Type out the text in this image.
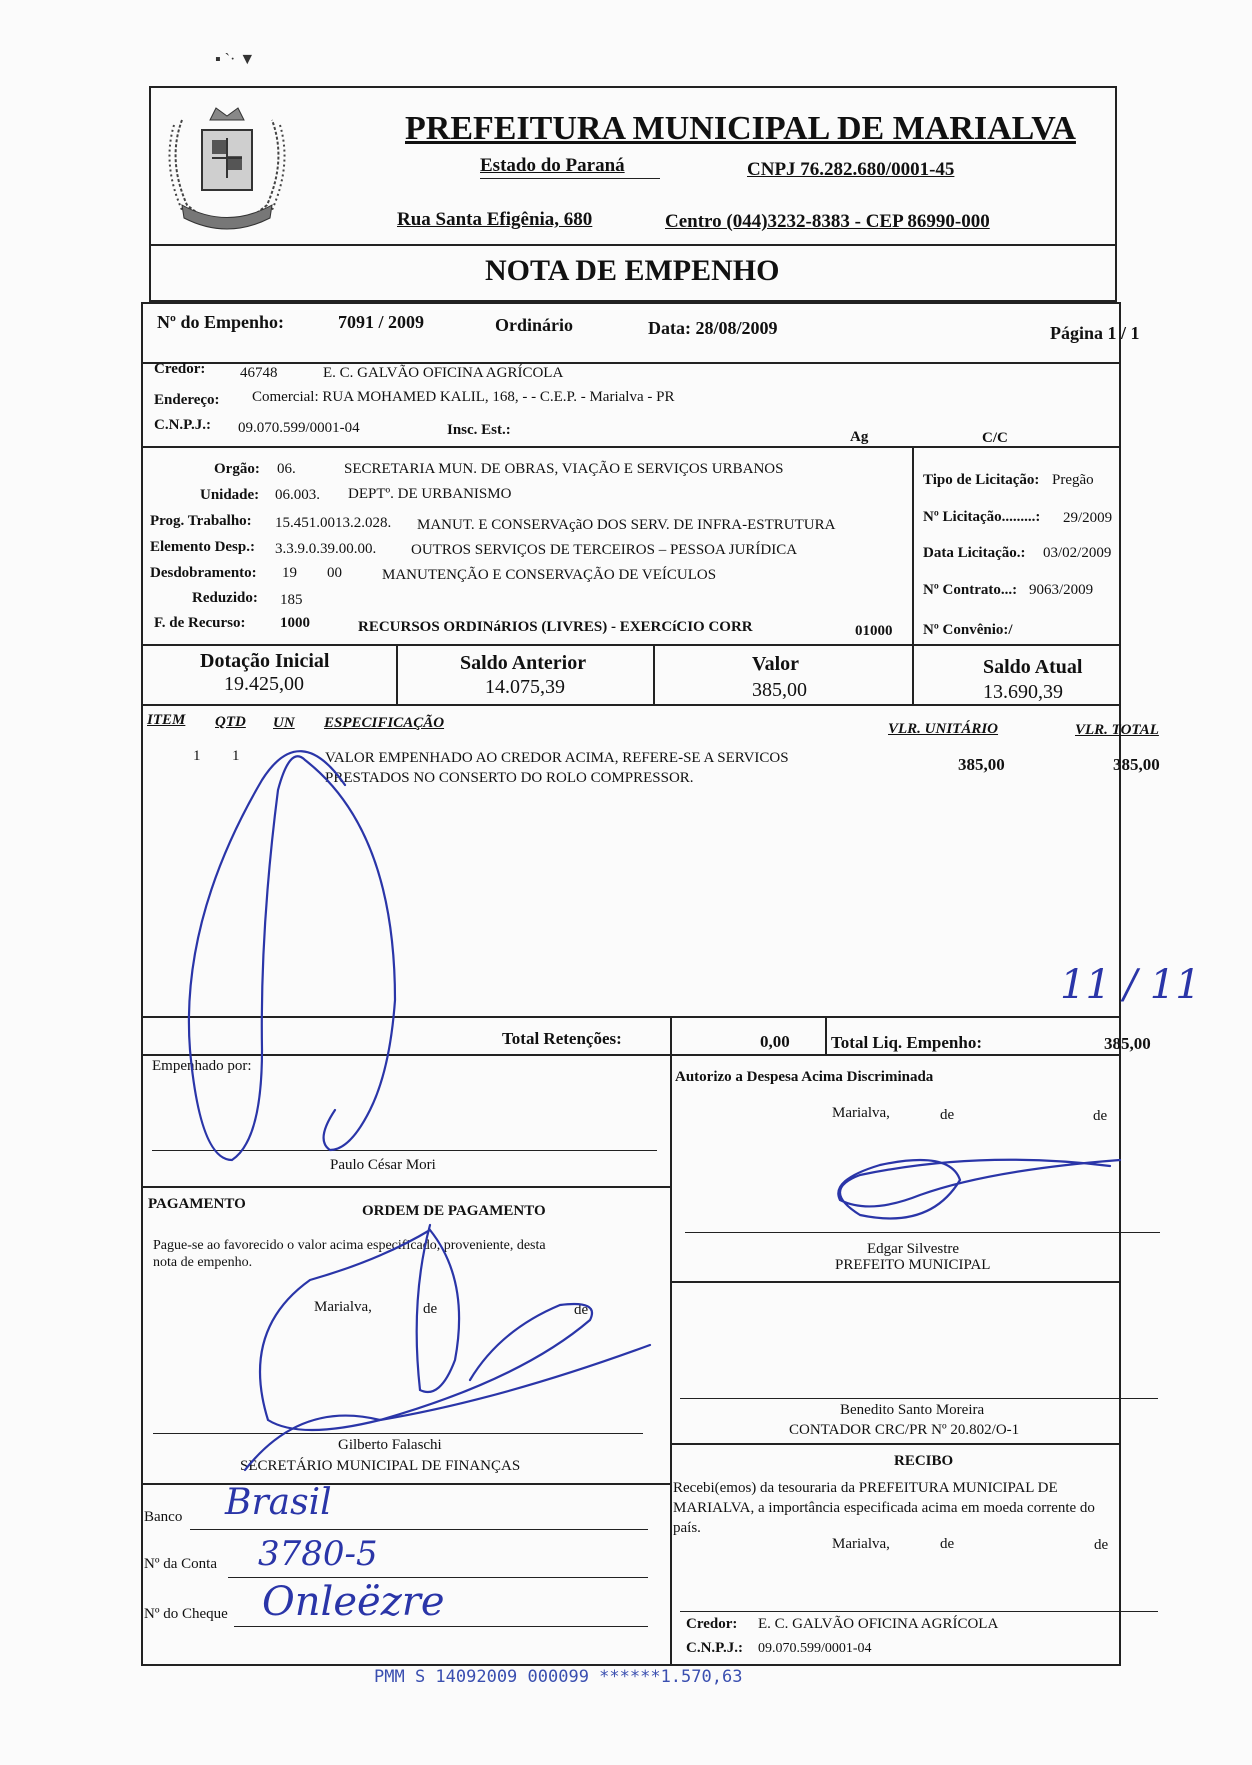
▪ ˋ· ▼
PREFEITURA MUNICIPAL DE MARIALVA
Estado do Paraná	CNPJ 76.282.680/0001-45
Rua Santa Efigênia, 680	Centro (044)3232-8383 - CEP 86990-000
NOTA DE EMPENHO
Nº do Empenho:	7091 / 2009	Ordinário	Data: 28/08/2009	Página 1 / 1
Credor: 46748	E. C. GALVÃO OFICINA AGRÍCOLA
Endereço: Comercial: RUA MOHAMED KALIL, 168, - - C.E.P. - Marialva - PR
C.N.P.J.: 09.070.599/0001-04	Insc. Est.:	Ag	C/C
Orgão: 06.	SECRETARIA MUN. DE OBRAS, VIAÇÃO E SERVIÇOS URBANOS
Unidade: 06.003. DEPTº. DE URBANISMO
Prog. Trabalho: 15.451.0013.2.028. MANUT. E CONSERVAçãO DOS SERV. DE INFRA-ESTRUTURA
Elemento Desp.: 3.3.9.0.39.00.00. OUTROS SERVIÇOS DE TERCEIROS – PESSOA JURÍDICA
Desdobramento: 19 00	MANUTENÇÃO E CONSERVAÇÃO DE VEÍCULOS
Reduzido: 185
F. de Recurso: 1000	RECURSOS ORDINáRIOS (LIVRES) - EXERCíCIO CORR	01000
Tipo de Licitação: Pregão
Nº Licitação.........: 29/2009
Data Licitação.: 03/02/2009
Nº Contrato...: 9063/2009
Nº Convênio:/
Dotação Inicial
19.425,00
Saldo Anterior
14.075,39
Valor
385,00
Saldo Atual
13.690,39
ITEM QTD UN ESPECIFICAÇÃO	VLR. UNITÁRIO	VLR. TOTAL
1 1	VALOR EMPENHADO AO CREDOR ACIMA, REFERE-SE A SERVICOS
PRESTADOS NO CONSERTO DO ROLO COMPRESSOR.
385,00	385,00
11 / 11
Total Retenções:	0,00 Total Liq. Empenho:	385,00
Empenhado por:
Paulo César Mori
PAGAMENTO	ORDEM DE PAGAMENTO
Pague-se ao favorecido o valor acima especificado, proveniente, desta
nota de empenho.
Marialva,	de	de
Gilberto Falaschi
SECRETÁRIO MUNICIPAL DE FINANÇAS
Banco Brasil
Nº da Conta 3780-5
Nº do Cheque Onleëzre
Autorizo a Despesa Acima Discriminada
Marialva,	de	de
Edgar Silvestre
PREFEITO MUNICIPAL
Benedito Santo Moreira
CONTADOR CRC/PR Nº 20.802/O-1
RECIBO
Recebi(emos) da tesouraria da PREFEITURA MUNICIPAL DE
MARIALVA, a importância especificada acima em moeda corrente do
país.
Marialva,	de	de
Credor: E. C. GALVÃO OFICINA AGRÍCOLA
C.N.P.J.: 09.070.599/0001-04
PMM S 14092009 000099 ******1.570,63
